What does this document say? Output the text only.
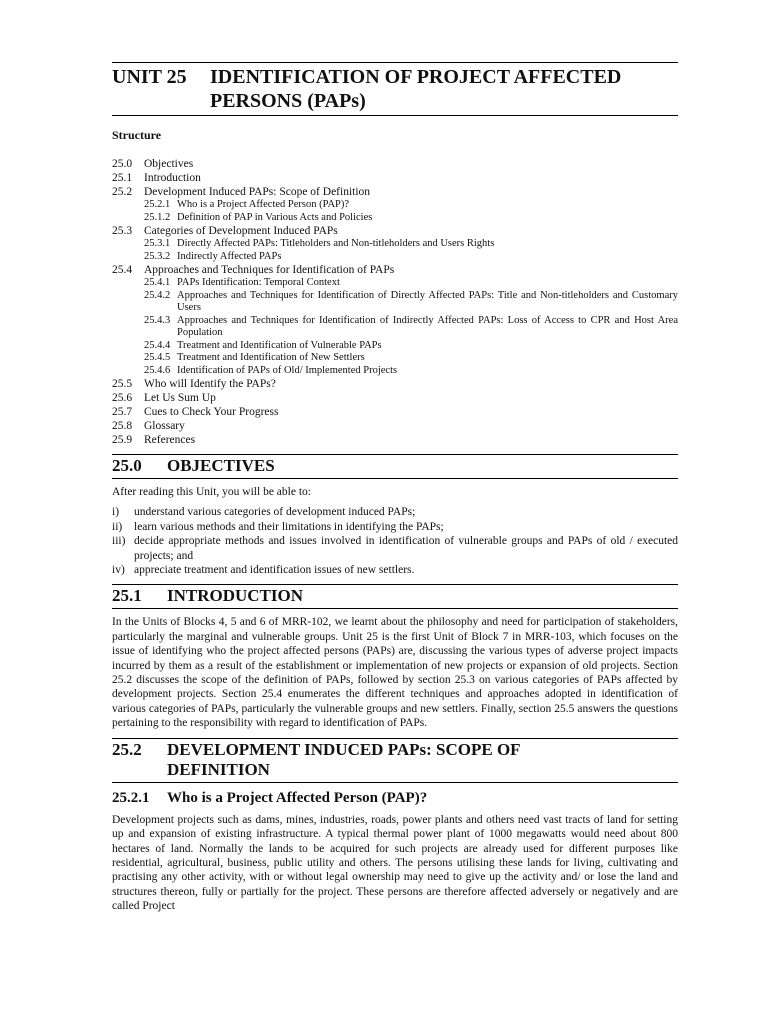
UNIT 25	IDENTIFICATION OF PROJECT AFFECTED
PERSONS (PAPs)
Structure
25.0	Objectives
25.1	Introduction
25.2	Development Induced PAPs: Scope of Definition
25.2.1 Who is a Project Affected Person (PAP)?
25.1.2 Definition of PAP in Various Acts and Policies
25.3	Categories of Development Induced PAPs
25.3.1 Directly Affected PAPs: Titleholders and Non-titleholders and Users Rights
25.3.2 Indirectly Affected PAPs
25.4	Approaches and Techniques for Identification of PAPs
25.4.1 PAPs Identification: Temporal Context
25.4.2 Approaches and Techniques for Identification of Directly Affected PAPs: Title and Non-titleholders and Customary Users
25.4.3 Approaches and Techniques for Identification of Indirectly Affected PAPs: Loss of Access to CPR and Host Area Population
25.4.4 Treatment and Identification of Vulnerable PAPs
25.4.5 Treatment and Identification of New Settlers
25.4.6 Identification of PAPs of Old/ Implemented Projects
25.5	Who will Identify the PAPs?
25.6	Let Us Sum Up
25.7	Cues to Check Your Progress
25.8	Glossary
25.9	References
25.0	OBJECTIVES

After reading this Unit, you will be able to:

i)	understand various categories of development induced PAPs;
ii)	learn various methods and their limitations in identifying the PAPs;
iii) decide appropriate methods and issues involved in identification of vulnerable groups and PAPs of old / executed projects; and
iv) appreciate treatment and identification issues of new settlers.
25.1	INTRODUCTION

In the Units of Blocks 4, 5 and 6 of MRR-102, we learnt about the philosophy and need for participation of stakeholders, particularly the marginal and vulnerable groups. Unit 25 is the first Unit of Block 7 in MRR-103, which focuses on the issue of identifying who the project affected persons (PAPs) are, discussing the various types of adverse project impacts incurred by them as a result of the establishment or implementation of new projects or expansion of old projects. Section 25.2 discusses the scope of the definition of PAPs, followed by section 25.3 on various categories of PAPs affected by development projects. Section 25.4 enumerates the different techniques and approaches adopted in identification of various categories of PAPs, particularly the vulnerable groups and new settlers. Finally, section 25.5 answers the questions pertaining to the responsibility with regard to identification of PAPs.

25.2	DEVELOPMENT INDUCED PAPs: SCOPE OF
DEFINITION
25.2.1	Who is a Project Affected Person (PAP)?

Development projects such as dams, mines, industries, roads, power plants and others need vast tracts of land for setting up and expansion of existing infrastructure. A typical thermal power plant of 1000 megawatts would need about 800 hectares of land. Normally the lands to be acquired for such projects are already used for different purposes like residential, agricultural, business, public utility and others. The persons utilising these lands for living, cultivating and practising any other activity, with or without legal ownership may need to give up the activity and/ or lose the land and structures thereon, fully or partially for the project. These persons are therefore affected adversely or negatively and are called Project
